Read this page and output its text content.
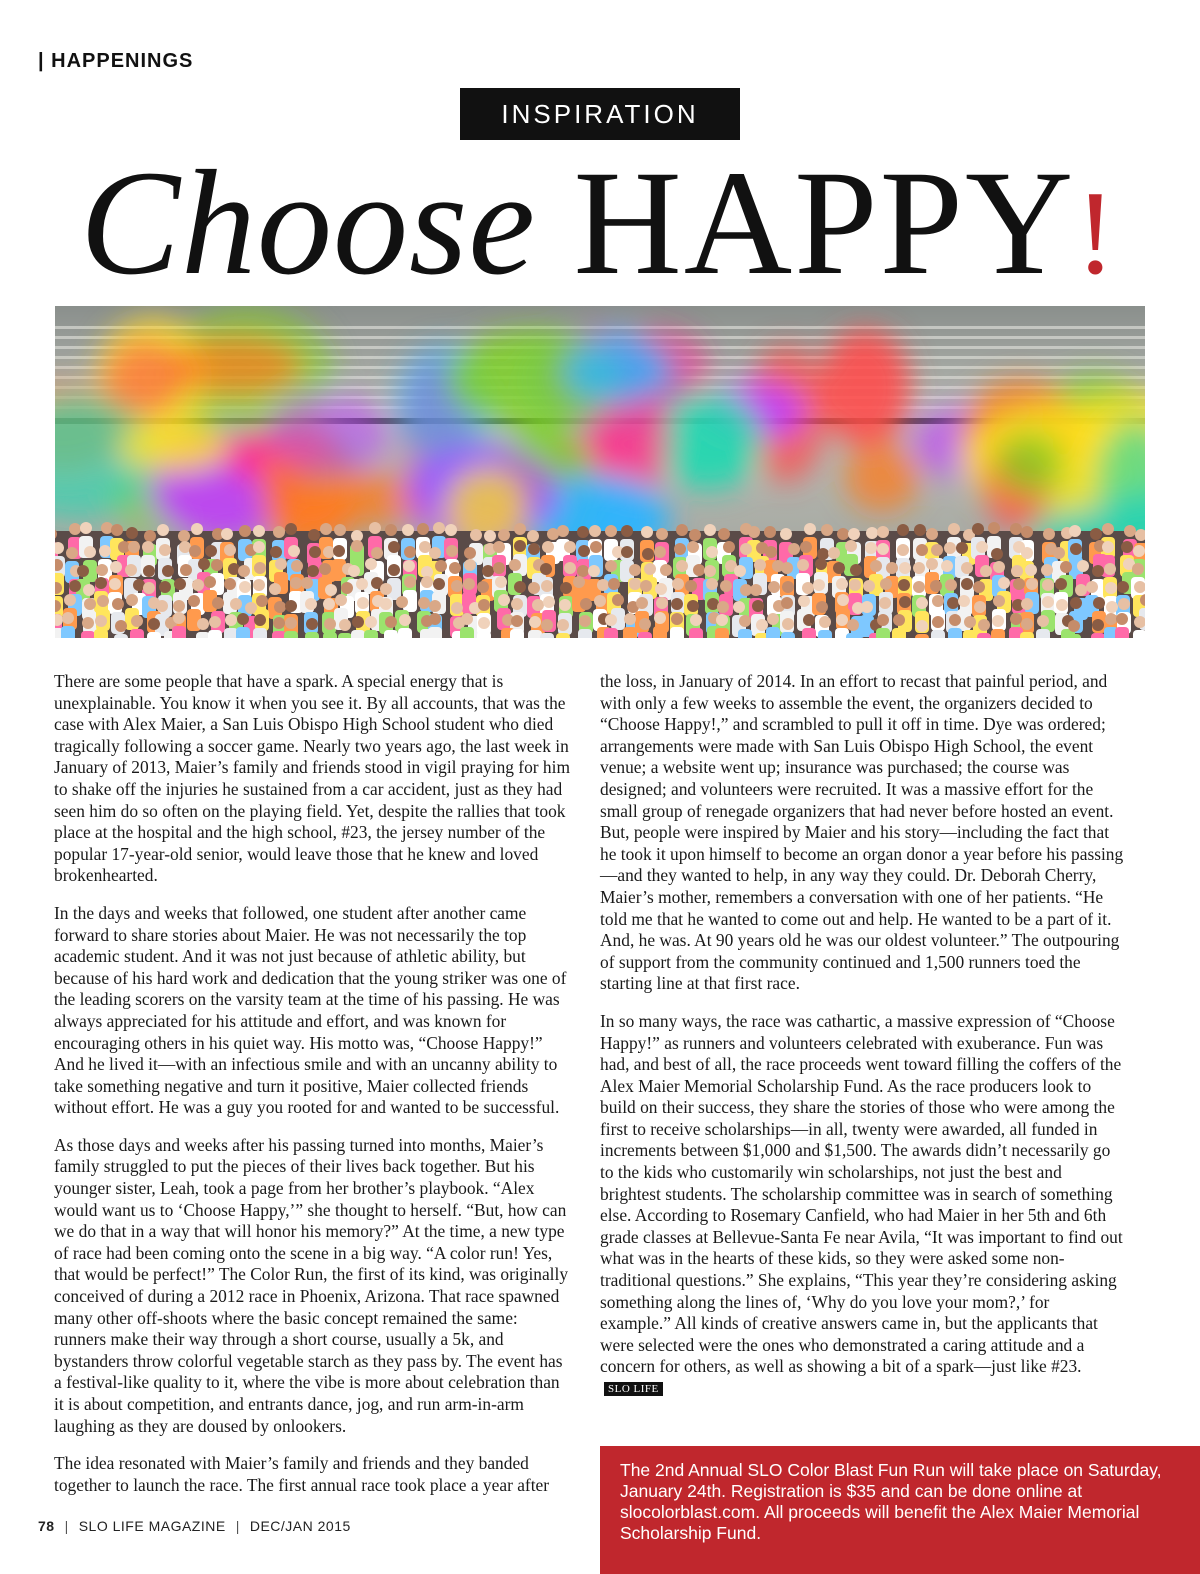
| HAPPENINGS
INSPIRATION
Choose HAPPY!

There are some people that have a spark. A special energy that is unexplainable. You know it when you see it. By all accounts, that was the case with Alex Maier, a San Luis Obispo High School student who died tragically following a soccer game. Nearly two years ago, the last week in January of 2013, Maier’s family and friends stood in vigil praying for him to shake off the injuries he sustained from a car accident, just as they had seen him do so often on the playing field. Yet, despite the rallies that took place at the hospital and the high school, #23, the jersey number of the popular 17-year-old senior, would leave those that he knew and loved brokenhearted.

In the days and weeks that followed, one student after another came forward to share stories about Maier. He was not necessarily the top academic student. And it was not just because of athletic ability, but because of his hard work and dedication that the young striker was one of the leading scorers on the varsity team at the time of his passing. He was always appreciated for his attitude and effort, and was known for encouraging others in his quiet way. His motto was, “Choose Happy!” And he lived it—with an infectious smile and with an uncanny ability to take something negative and turn it positive, Maier collected friends without effort. He was a guy you rooted for and wanted to be successful.

As those days and weeks after his passing turned into months, Maier’s family struggled to put the pieces of their lives back together. But his younger sister, Leah, took a page from her brother’s playbook. “Alex would want us to ‘Choose Happy,’” she thought to herself. “But, how can we do that in a way that will honor his memory?” At the time, a new type of race had been coming onto the scene in a big way. “A color run! Yes, that would be perfect!” The Color Run, the first of its kind, was originally conceived of during a 2012 race in Phoenix, Arizona. That race spawned many other off-shoots where the basic concept remained the same: runners make their way through a short course, usually a 5k, and bystanders throw colorful vegetable starch as they pass by. The event has a festival-like quality to it, where the vibe is more about celebration than it is about competition, and entrants dance, jog, and run arm-in-arm laughing as they are doused by onlookers.

The idea resonated with Maier’s family and friends and they banded together to launch the race. The first annual race took place a year after

the loss, in January of 2014. In an effort to recast that painful period, and with only a few weeks to assemble the event, the organizers decided to “Choose Happy!,” and scrambled to pull it off in time. Dye was ordered; arrangements were made with San Luis Obispo High School, the event venue; a website went up; insurance was purchased; the course was designed; and volunteers were recruited. It was a massive effort for the small group of renegade organizers that had never before hosted an event. But, people were inspired by Maier and his story—including the fact that he took it upon himself to become an organ donor a year before his passing—and they wanted to help, in any way they could. Dr. Deborah Cherry, Maier’s mother, remembers a conversation with one of her patients. “He told me that he wanted to come out and help. He wanted to be a part of it. And, he was. At 90 years old he was our oldest volunteer.” The outpouring of support from the community continued and 1,500 runners toed the starting line at that first race.

In so many ways, the race was cathartic, a massive expression of “Choose Happy!” as runners and volunteers celebrated with exuberance. Fun was had, and best of all, the race proceeds went toward filling the coffers of the Alex Maier Memorial Scholarship Fund. As the race producers look to build on their success, they share the stories of those who were among the first to receive scholarships—in all, twenty were awarded, all funded in increments between $1,000 and $1,500. The awards didn’t necessarily go to the kids who customarily win scholarships, not just the best and brightest students. The scholarship committee was in search of something else. According to Rosemary Canfield, who had Maier in her 5th and 6th grade classes at Bellevue-Santa Fe near Avila, “It was important to find out what was in the hearts of these kids, so they were asked some non-traditional questions.” She explains, “This year they’re considering asking something along the lines of, ‘Why do you love your mom?,’ for example.” All kinds of creative answers came in, but the applicants that were selected were the ones who demonstrated a caring attitude and a concern for others, as well as showing a bit of a spark—just like #23. SLO LIFE

The 2nd Annual SLO Color Blast Fun Run will take place on Saturday, January 24th. Registration is $35 and can be done online at slocolorblast.com. All proceeds will benefit the Alex Maier Memorial Scholarship Fund.
78 | SLO LIFE MAGAZINE | DEC/JAN 2015
